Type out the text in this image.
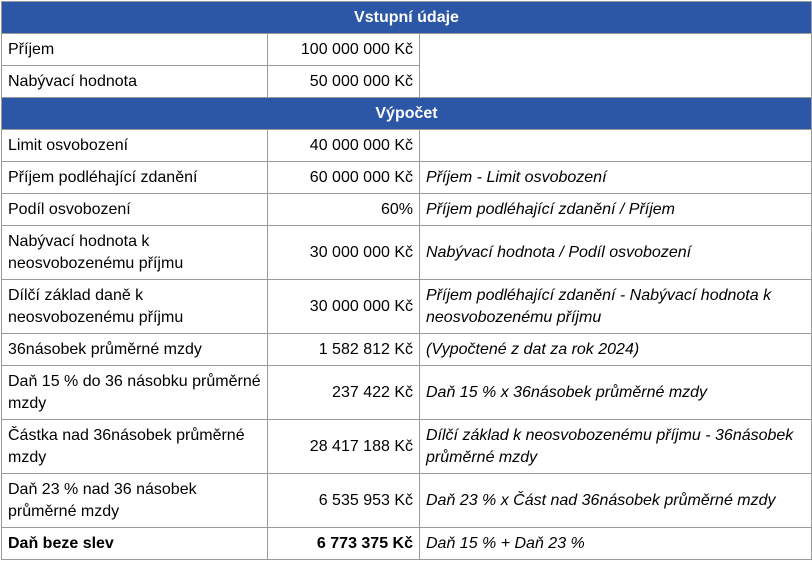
Vstupní údaje		
Příjem	100 000 000 Kč	
Nabývací hodnota	50 000 000 Kč	
Výpočet		
Limit osvobození	40 000 000 Kč	
Příjem podléhající zdanění	60 000 000 Kč	Příjem - Limit osvobození
Podíl osvobození	60%	Příjem podléhající zdanění / Příjem
Nabývací hodnota k neosvobozenému příjmu	30 000 000 Kč	Nabývací hodnota / Podíl osvobození
Dílčí základ daně k neosvobozenému příjmu	30 000 000 Kč	Příjem podléhající zdanění - Nabývací hodnota k neosvobozenému příjmu
36násobek průměrné mzdy	1 582 812 Kč	(Vypočtené z dat za rok 2024)
Daň 15 % do 36 násobku průměrné mzdy	237 422 Kč	Daň 15 % x 36násobek průměrné mzdy
Částka nad 36násobek průměrné mzdy	28 417 188 Kč	Dílčí základ k neosvobozenému příjmu - 36násobek průměrné mzdy
Daň 23 % nad 36 násobek průměrné mzdy	6 535 953 Kč	Daň 23 % x Část nad 36násobek průměrné mzdy
Daň beze slev	6 773 375 Kč	Daň 15 % + Daň 23 %
